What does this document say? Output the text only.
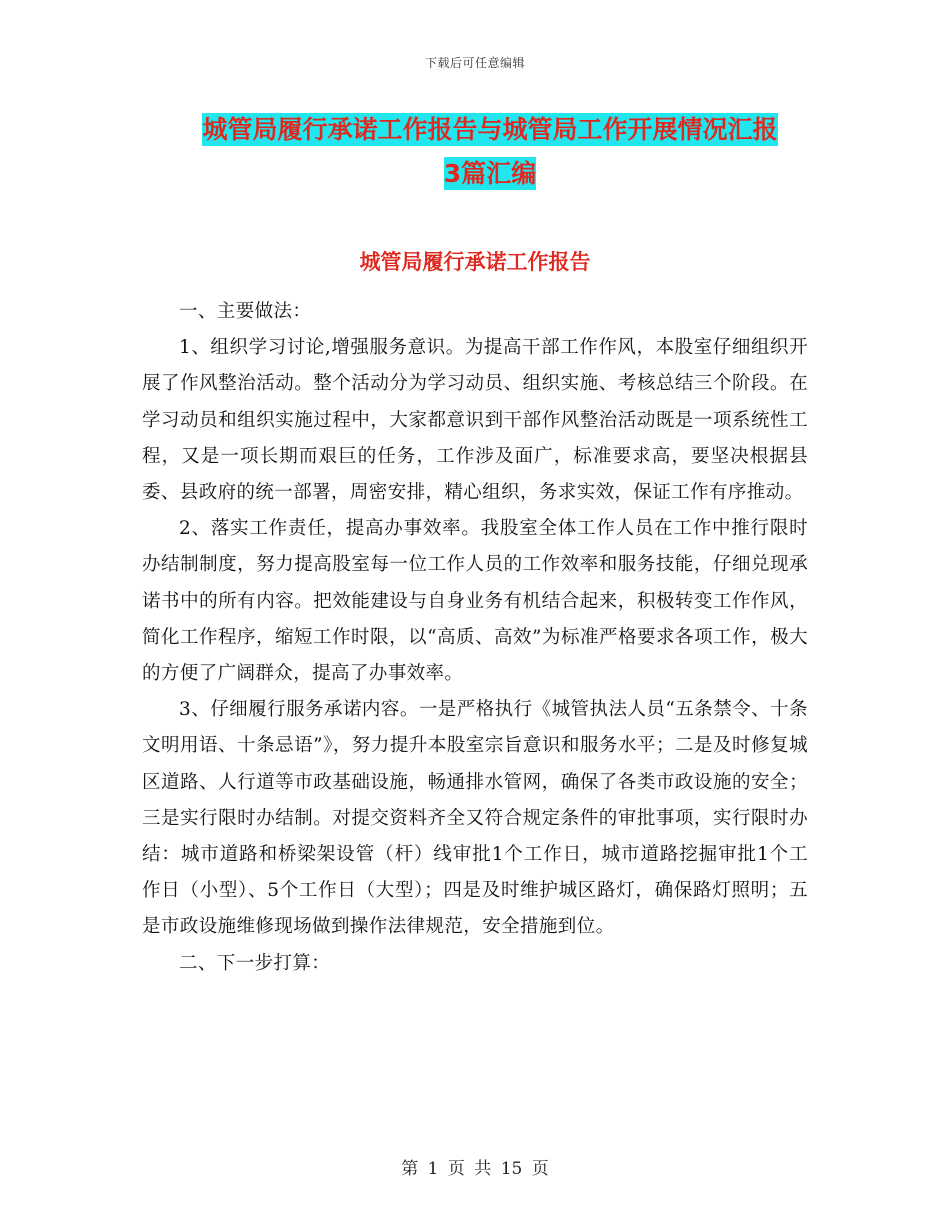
下载后可任意编辑
城管局履行承诺工作报告与城管局工作开展情况汇报
3篇汇编
城管局履行承诺工作报告

一、主要做法：

1、组织学习讨论,增强服务意识。为提高干部工作作风，本股室仔细组织开展了作风整治活动。整个活动分为学习动员、组织实施、考核总结三个阶段。在学习动员和组织实施过程中，大家都意识到干部作风整治活动既是一项系统性工程，又是一项长期而艰巨的任务，工作涉及面广，标准要求高，要坚决根据县委、县政府的统一部署，周密安排，精心组织，务求实效，保证工作有序推动。

2、落实工作责任，提高办事效率。我股室全体工作人员在工作中推行限时办结制制度，努力提高股室每一位工作人员的工作效率和服务技能，仔细兑现承诺书中的所有内容。把效能建设与自身业务有机结合起来，积极转变工作作风，简化工作程序，缩短工作时限，以“高质、高效”为标准严格要求各项工作，极大的方便了广阔群众，提高了办事效率。

3、仔细履行服务承诺内容。一是严格执行《城管执法人员“五条禁令、十条文明用语、十条忌语”》，努力提升本股室宗旨意识和服务水平；二是及时修复城区道路、人行道等市政基础设施，畅通排水管网，确保了各类市政设施的安全；三是实行限时办结制。对提交资料齐全又符合规定条件的审批事项，实行限时办结：城市道路和桥梁架设管（杆）线审批1个工作日，城市道路挖掘审批1个工作日（小型）、5个工作日（大型）；四是及时维护城区路灯，确保路灯照明；五是市政设施维修现场做到操作法律规范，安全措施到位。

二、下一步打算：

第 1 页 共 15 页
